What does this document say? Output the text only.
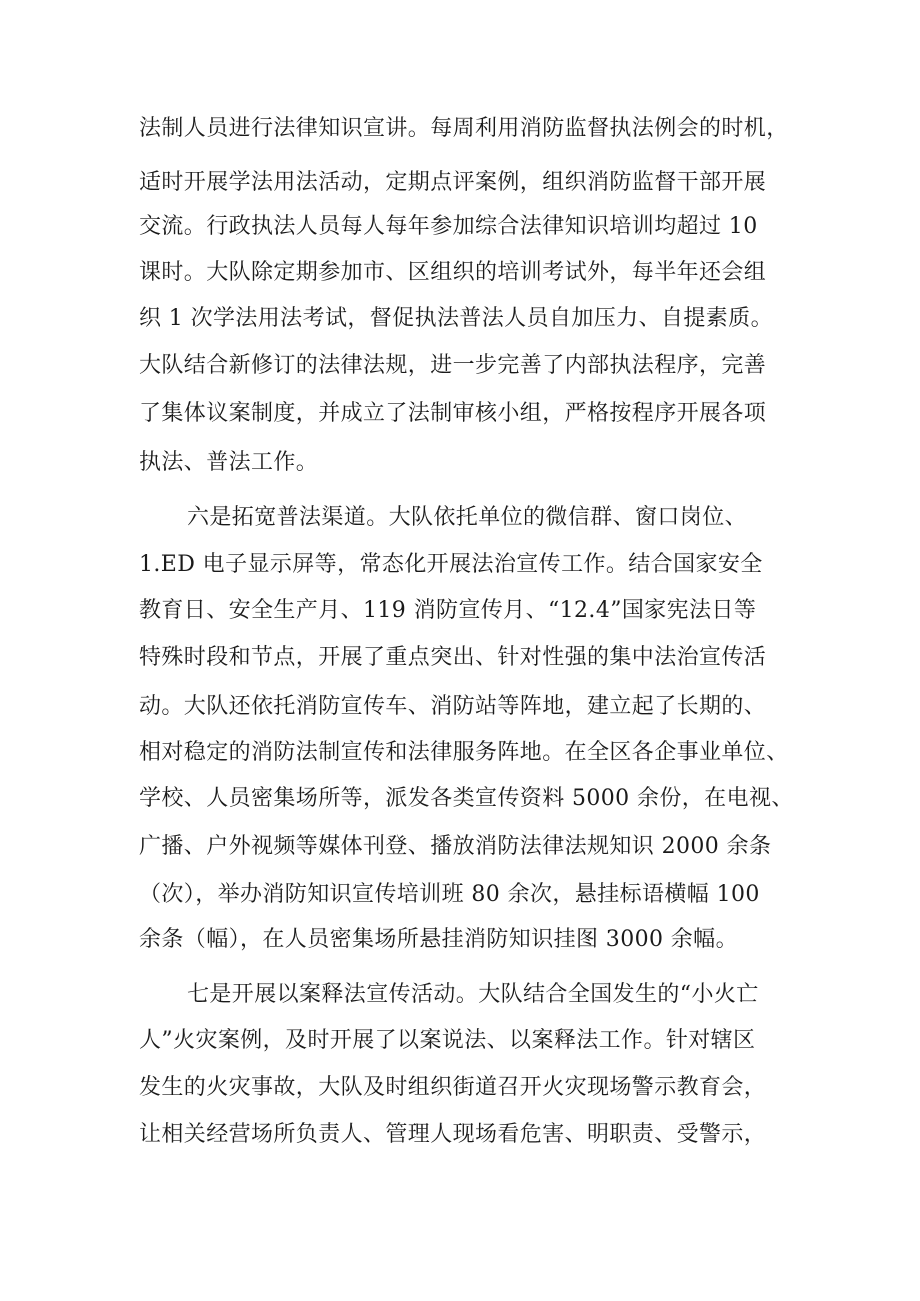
法制人员进行法律知识宣讲。每周利用消防监督执法例会的时机，
适时开展学法用法活动，定期点评案例，组织消防监督干部开展
交流。行政执法人员每人每年参加综合法律知识培训均超过 10
课时。大队除定期参加市、区组织的培训考试外，每半年还会组
织 1 次学法用法考试，督促执法普法人员自加压力、自提素质。
大队结合新修订的法律法规，进一步完善了内部执法程序，完善
了集体议案制度，并成立了法制审核小组，严格按程序开展各项
执法、普法工作。
六是拓宽普法渠道。大队依托单位的微信群、窗口岗位、
1.ED 电子显示屏等，常态化开展法治宣传工作。结合国家安全
教育日、安全生产月、119 消防宣传月、“12.4”国家宪法日等
特殊时段和节点，开展了重点突出、针对性强的集中法治宣传活
动。大队还依托消防宣传车、消防站等阵地，建立起了长期的、
相对稳定的消防法制宣传和法律服务阵地。在全区各企事业单位、
学校、人员密集场所等，派发各类宣传资料 5000 余份，在电视、
广播、户外视频等媒体刊登、播放消防法律法规知识 2000 余条
（次），举办消防知识宣传培训班 80 余次，悬挂标语横幅 100
余条（幅），在人员密集场所悬挂消防知识挂图 3000 余幅。
七是开展以案释法宣传活动。大队结合全国发生的“小火亡
人”火灾案例，及时开展了以案说法、以案释法工作。针对辖区
发生的火灾事故，大队及时组织街道召开火灾现场警示教育会，
让相关经营场所负责人、管理人现场看危害、明职责、受警示，
